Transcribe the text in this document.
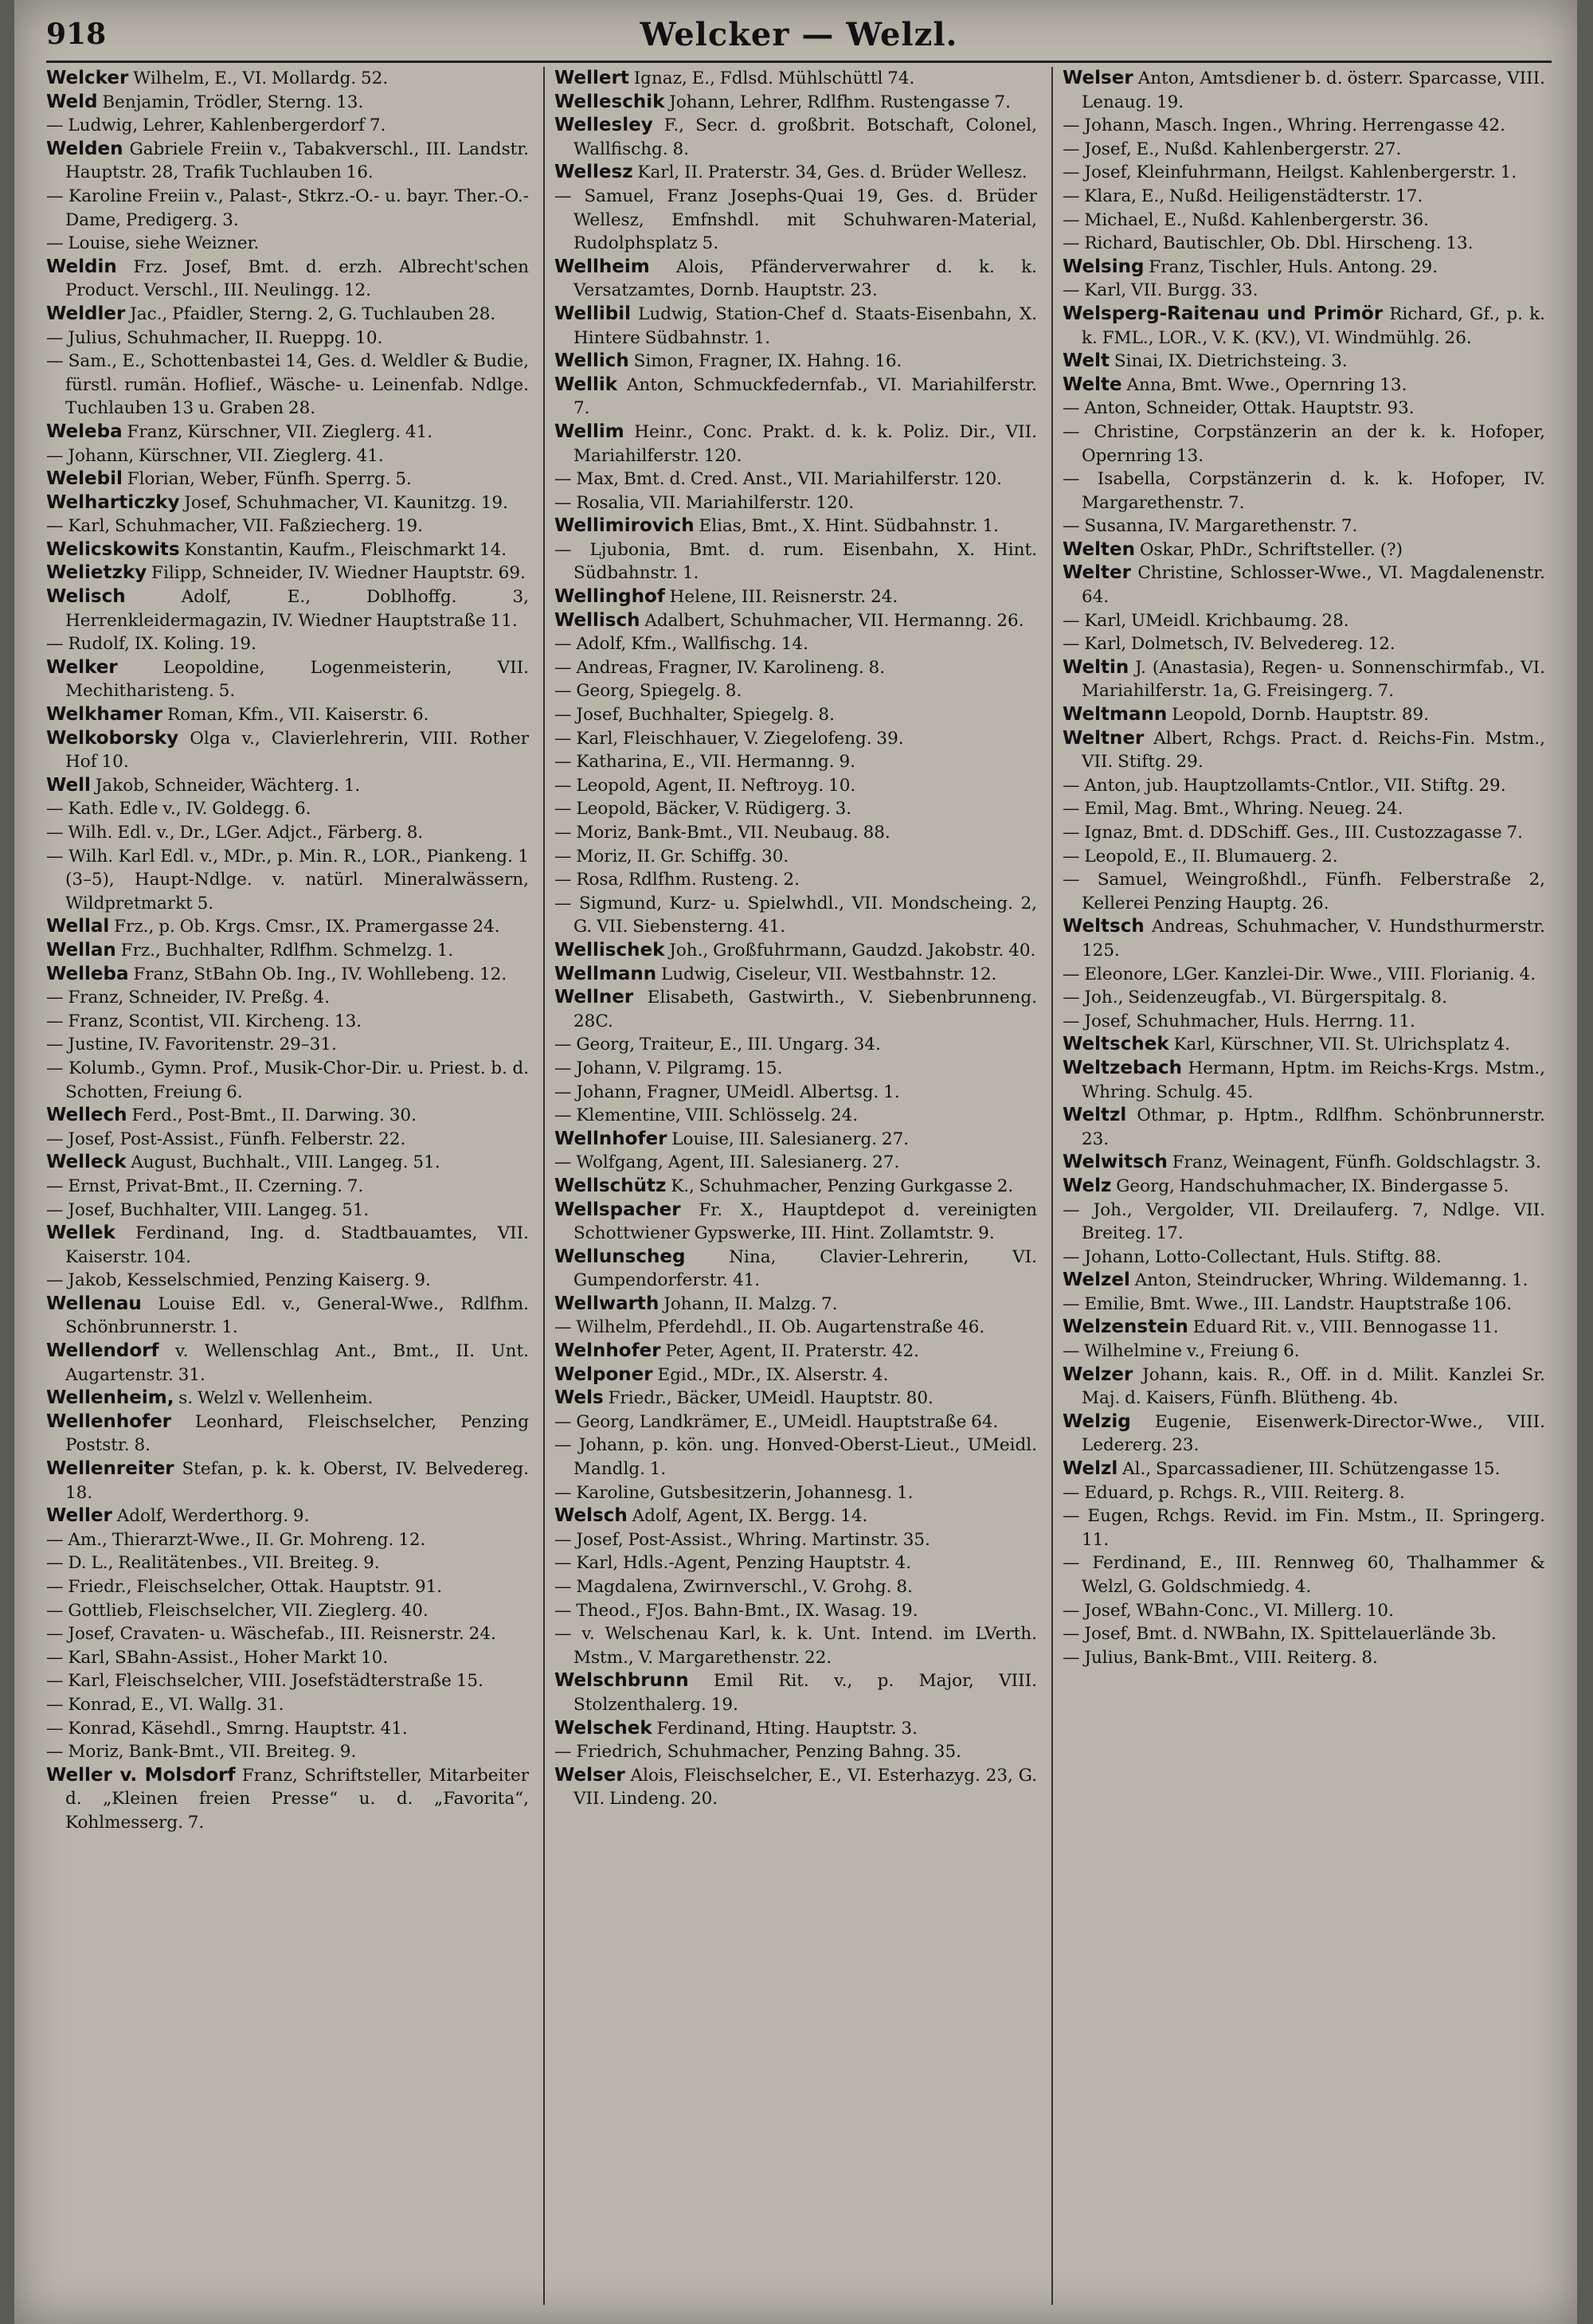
918	Welcker — Welzl.

Welcker Wilhelm, E., VI. Mollardg. 52.

Weld Benjamin, Trödler, Sterng. 13.

— Ludwig, Lehrer, Kahlenbergerdorf 7.

Welden Gabriele Freiin v., Tabakverschl., III. Landstr. Hauptstr. 28, Trafik Tuchlauben 16.

— Karoline Freiin v., Palast-, Stkrz.-O.- u. bayr. Ther.-O.-Dame, Predigerg. 3.

— Louise, siehe Weizner.

Weldin Frz. Josef, Bmt. d. erzh. Albrecht'schen Product. Verschl., III. Neulingg. 12.

Weldler Jac., Pfaidler, Sterng. 2, G. Tuchlauben 28.

— Julius, Schuhmacher, II. Rueppg. 10.

— Sam., E., Schottenbastei 14, Ges. d. Weldler & Budie, fürstl. rumän. Hoflief., Wäsche- u. Leinenfab. Ndlge. Tuchlauben 13 u. Graben 28.

Weleba Franz, Kürschner, VII. Zieglerg. 41.

— Johann, Kürschner, VII. Zieglerg. 41.

Welebil Florian, Weber, Fünfh. Sperrg. 5.

Welharticzky Josef, Schuhmacher, VI. Kaunitzg. 19.

— Karl, Schuhmacher, VII. Faßziecherg. 19.

Welicskowits Konstantin, Kaufm., Fleischmarkt 14.

Welietzky Filipp, Schneider, IV. Wiedner Hauptstr. 69.

Welisch Adolf, E., Doblhoffg. 3, Herrenkleidermagazin, IV. Wiedner Hauptstraße 11.

— Rudolf, IX. Koling. 19.

Welker Leopoldine, Logenmeisterin, VII. Mechitharisteng. 5.

Welkhamer Roman, Kfm., VII. Kaiserstr. 6.

Welkoborsky Olga v., Clavierlehrerin, VIII. Rother Hof 10.

Well Jakob, Schneider, Wächterg. 1.

— Kath. Edle v., IV. Goldegg. 6.

— Wilh. Edl. v., Dr., LGer. Adjct., Färberg. 8.

— Wilh. Karl Edl. v., MDr., p. Min. R., LOR., Piankeng. 1 (3–5), Haupt-Ndlge. v. natürl. Mineralwässern, Wildpretmarkt 5.

Wellal Frz., p. Ob. Krgs. Cmsr., IX. Pramergasse 24.

Wellan Frz., Buchhalter, Rdlfhm. Schmelzg. 1.

Welleba Franz, StBahn Ob. Ing., IV. Wohllebeng. 12.

— Franz, Schneider, IV. Preßg. 4.

— Franz, Scontist, VII. Kircheng. 13.

— Justine, IV. Favoritenstr. 29–31.

— Kolumb., Gymn. Prof., Musik-Chor-Dir. u. Priest. b. d. Schotten, Freiung 6.

Wellech Ferd., Post-Bmt., II. Darwing. 30.

— Josef, Post-Assist., Fünfh. Felberstr. 22.

Welleck August, Buchhalt., VIII. Langeg. 51.

— Ernst, Privat-Bmt., II. Czerning. 7.

— Josef, Buchhalter, VIII. Langeg. 51.

Wellek Ferdinand, Ing. d. Stadtbauamtes, VII. Kaiserstr. 104.

— Jakob, Kesselschmied, Penzing Kaiserg. 9.

Wellenau Louise Edl. v., General-Wwe., Rdlfhm. Schönbrunnerstr. 1.

Wellendorf v. Wellenschlag Ant., Bmt., II. Unt. Augartenstr. 31.

Wellenheim, s. Welzl v. Wellenheim.

Wellenhofer Leonhard, Fleischselcher, Penzing Poststr. 8.

Wellenreiter Stefan, p. k. k. Oberst, IV. Belvedereg. 18.

Weller Adolf, Werderthorg. 9.

— Am., Thierarzt-Wwe., II. Gr. Mohreng. 12.

— D. L., Realitätenbes., VII. Breiteg. 9.

— Friedr., Fleischselcher, Ottak. Hauptstr. 91.

— Gottlieb, Fleischselcher, VII. Zieglerg. 40.

— Josef, Cravaten- u. Wäschefab., III. Reisnerstr. 24.

— Karl, SBahn-Assist., Hoher Markt 10.

— Karl, Fleischselcher, VIII. Josefstädterstraße 15.

— Konrad, E., VI. Wallg. 31.

— Konrad, Käsehdl., Smrng. Hauptstr. 41.

— Moriz, Bank-Bmt., VII. Breiteg. 9.

Weller v. Molsdorf Franz, Schriftsteller, Mitarbeiter d. „Kleinen freien Presse“ u. d. „Favorita“, Kohlmesserg. 7.

Wellert Ignaz, E., Fdlsd. Mühlschüttl 74.

Welleschik Johann, Lehrer, Rdlfhm. Rustengasse 7.

Wellesley F., Secr. d. großbrit. Botschaft, Colonel, Wallfischg. 8.

Wellesz Karl, II. Praterstr. 34, Ges. d. Brüder Wellesz.

— Samuel, Franz Josephs-Quai 19, Ges. d. Brüder Wellesz, Emfnshdl. mit Schuhwaren-Material, Rudolphsplatz 5.

Wellheim Alois, Pfänderverwahrer d. k. k. Versatzamtes, Dornb. Hauptstr. 23.

Wellibil Ludwig, Station-Chef d. Staats-Eisenbahn, X. Hintere Südbahnstr. 1.

Wellich Simon, Fragner, IX. Hahng. 16.

Wellik Anton, Schmuckfedernfab., VI. Mariahilferstr. 7.

Wellim Heinr., Conc. Prakt. d. k. k. Poliz. Dir., VII. Mariahilferstr. 120.

— Max, Bmt. d. Cred. Anst., VII. Mariahilferstr. 120.

— Rosalia, VII. Mariahilferstr. 120.

Wellimirovich Elias, Bmt., X. Hint. Südbahnstr. 1.

— Ljubonia, Bmt. d. rum. Eisenbahn, X. Hint. Südbahnstr. 1.

Wellinghof Helene, III. Reisnerstr. 24.

Wellisch Adalbert, Schuhmacher, VII. Hermanng. 26.

— Adolf, Kfm., Wallfischg. 14.

— Andreas, Fragner, IV. Karolineng. 8.

— Georg, Spiegelg. 8.

— Josef, Buchhalter, Spiegelg. 8.

— Karl, Fleischhauer, V. Ziegelofeng. 39.

— Katharina, E., VII. Hermanng. 9.

— Leopold, Agent, II. Neftroyg. 10.

— Leopold, Bäcker, V. Rüdigerg. 3.

— Moriz, Bank-Bmt., VII. Neubaug. 88.

— Moriz, II. Gr. Schiffg. 30.

— Rosa, Rdlfhm. Rusteng. 2.

— Sigmund, Kurz- u. Spielwhdl., VII. Mondscheing. 2, G. VII. Siebensterng. 41.

Wellischek Joh., Großfuhrmann, Gaudzd. Jakobstr. 40.

Wellmann Ludwig, Ciseleur, VII. Westbahnstr. 12.

Wellner Elisabeth, Gastwirth., V. Siebenbrunneng. 28C.

— Georg, Traiteur, E., III. Ungarg. 34.

— Johann, V. Pilgramg. 15.

— Johann, Fragner, UMeidl. Albertsg. 1.

— Klementine, VIII. Schlösselg. 24.

Wellnhofer Louise, III. Salesianerg. 27.

— Wolfgang, Agent, III. Salesianerg. 27.

Wellschütz K., Schuhmacher, Penzing Gurkgasse 2.

Wellspacher Fr. X., Hauptdepot d. vereinigten Schottwiener Gypswerke, III. Hint. Zollamtstr. 9.

Wellunscheg Nina, Clavier-Lehrerin, VI. Gumpendorferstr. 41.

Wellwarth Johann, II. Malzg. 7.

— Wilhelm, Pferdehdl., II. Ob. Augartenstraße 46.

Welnhofer Peter, Agent, II. Praterstr. 42.

Welponer Egid., MDr., IX. Alserstr. 4.

Wels Friedr., Bäcker, UMeidl. Hauptstr. 80.

— Georg, Landkrämer, E., UMeidl. Hauptstraße 64.

— Johann, p. kön. ung. Honved-Oberst-Lieut., UMeidl. Mandlg. 1.

— Karoline, Gutsbesitzerin, Johannesg. 1.

Welsch Adolf, Agent, IX. Bergg. 14.

— Josef, Post-Assist., Whring. Martinstr. 35.

— Karl, Hdls.-Agent, Penzing Hauptstr. 4.

— Magdalena, Zwirnverschl., V. Grohg. 8.

— Theod., FJos. Bahn-Bmt., IX. Wasag. 19.

— v. Welschenau Karl, k. k. Unt. Intend. im LVerth. Mstm., V. Margarethenstr. 22.

Welschbrunn Emil Rit. v., p. Major, VIII. Stolzenthalerg. 19.

Welschek Ferdinand, Hting. Hauptstr. 3.

— Friedrich, Schuhmacher, Penzing Bahng. 35.

Welser Alois, Fleischselcher, E., VI. Esterhazyg. 23, G. VII. Lindeng. 20.

Welser Anton, Amtsdiener b. d. österr. Sparcasse, VIII. Lenaug. 19.

— Johann, Masch. Ingen., Whring. Herrengasse 42.

— Josef, E., Nußd. Kahlenbergerstr. 27.

— Josef, Kleinfuhrmann, Heilgst. Kahlenbergerstr. 1.

— Klara, E., Nußd. Heiligenstädterstr. 17.

— Michael, E., Nußd. Kahlenbergerstr. 36.

— Richard, Bautischler, Ob. Dbl. Hirscheng. 13.

Welsing Franz, Tischler, Huls. Antong. 29.

— Karl, VII. Burgg. 33.

Welsperg-Raitenau und Primör Richard, Gf., p. k. k. FML., LOR., V. K. (KV.), VI. Windmühlg. 26.

Welt Sinai, IX. Dietrichsteing. 3.

Welte Anna, Bmt. Wwe., Opernring 13.

— Anton, Schneider, Ottak. Hauptstr. 93.

— Christine, Corpstänzerin an der k. k. Hofoper, Opernring 13.

— Isabella, Corpstänzerin d. k. k. Hofoper, IV. Margarethenstr. 7.

— Susanna, IV. Margarethenstr. 7.

Welten Oskar, PhDr., Schriftsteller. (?)

Welter Christine, Schlosser-Wwe., VI. Magdalenenstr. 64.

— Karl, UMeidl. Krichbaumg. 28.

— Karl, Dolmetsch, IV. Belvedereg. 12.

Weltin J. (Anastasia), Regen- u. Sonnenschirmfab., VI. Mariahilferstr. 1a, G. Freisingerg. 7.

Weltmann Leopold, Dornb. Hauptstr. 89.

Weltner Albert, Rchgs. Pract. d. Reichs-Fin. Mstm., VII. Stiftg. 29.

— Anton, jub. Hauptzollamts-Cntlor., VII. Stiftg. 29.

— Emil, Mag. Bmt., Whring. Neueg. 24.

— Ignaz, Bmt. d. DDSchiff. Ges., III. Custozzagasse 7.

— Leopold, E., II. Blumauerg. 2.

— Samuel, Weingroßhdl., Fünfh. Felberstraße 2, Kellerei Penzing Hauptg. 26.

Weltsch Andreas, Schuhmacher, V. Hundsthurmerstr. 125.

— Eleonore, LGer. Kanzlei-Dir. Wwe., VIII. Florianig. 4.

— Joh., Seidenzeugfab., VI. Bürgerspitalg. 8.

— Josef, Schuhmacher, Huls. Herrng. 11.

Weltschek Karl, Kürschner, VII. St. Ulrichsplatz 4.

Weltzebach Hermann, Hptm. im Reichs-Krgs. Mstm., Whring. Schulg. 45.

Weltzl Othmar, p. Hptm., Rdlfhm. Schönbrunnerstr. 23.

Welwitsch Franz, Weinagent, Fünfh. Goldschlagstr. 3.

Welz Georg, Handschuhmacher, IX. Bindergasse 5.

— Joh., Vergolder, VII. Dreilauferg. 7, Ndlge. VII. Breiteg. 17.

— Johann, Lotto-Collectant, Huls. Stiftg. 88.

Welzel Anton, Steindrucker, Whring. Wildemanng. 1.

— Emilie, Bmt. Wwe., III. Landstr. Hauptstraße 106.

Welzenstein Eduard Rit. v., VIII. Bennogasse 11.

— Wilhelmine v., Freiung 6.

Welzer Johann, kais. R., Off. in d. Milit. Kanzlei Sr. Maj. d. Kaisers, Fünfh. Blütheng. 4b.

Welzig Eugenie, Eisenwerk-Director-Wwe., VIII. Ledererg. 23.

Welzl Al., Sparcassadiener, III. Schützengasse 15.

— Eduard, p. Rchgs. R., VIII. Reiterg. 8.

— Eugen, Rchgs. Revid. im Fin. Mstm., II. Springerg. 11.

— Ferdinand, E., III. Rennweg 60, Thalhammer & Welzl, G. Goldschmiedg. 4.

— Josef, WBahn-Conc., VI. Millerg. 10.

— Josef, Bmt. d. NWBahn, IX. Spittelauerlände 3b.

— Julius, Bank-Bmt., VIII. Reiterg. 8.
